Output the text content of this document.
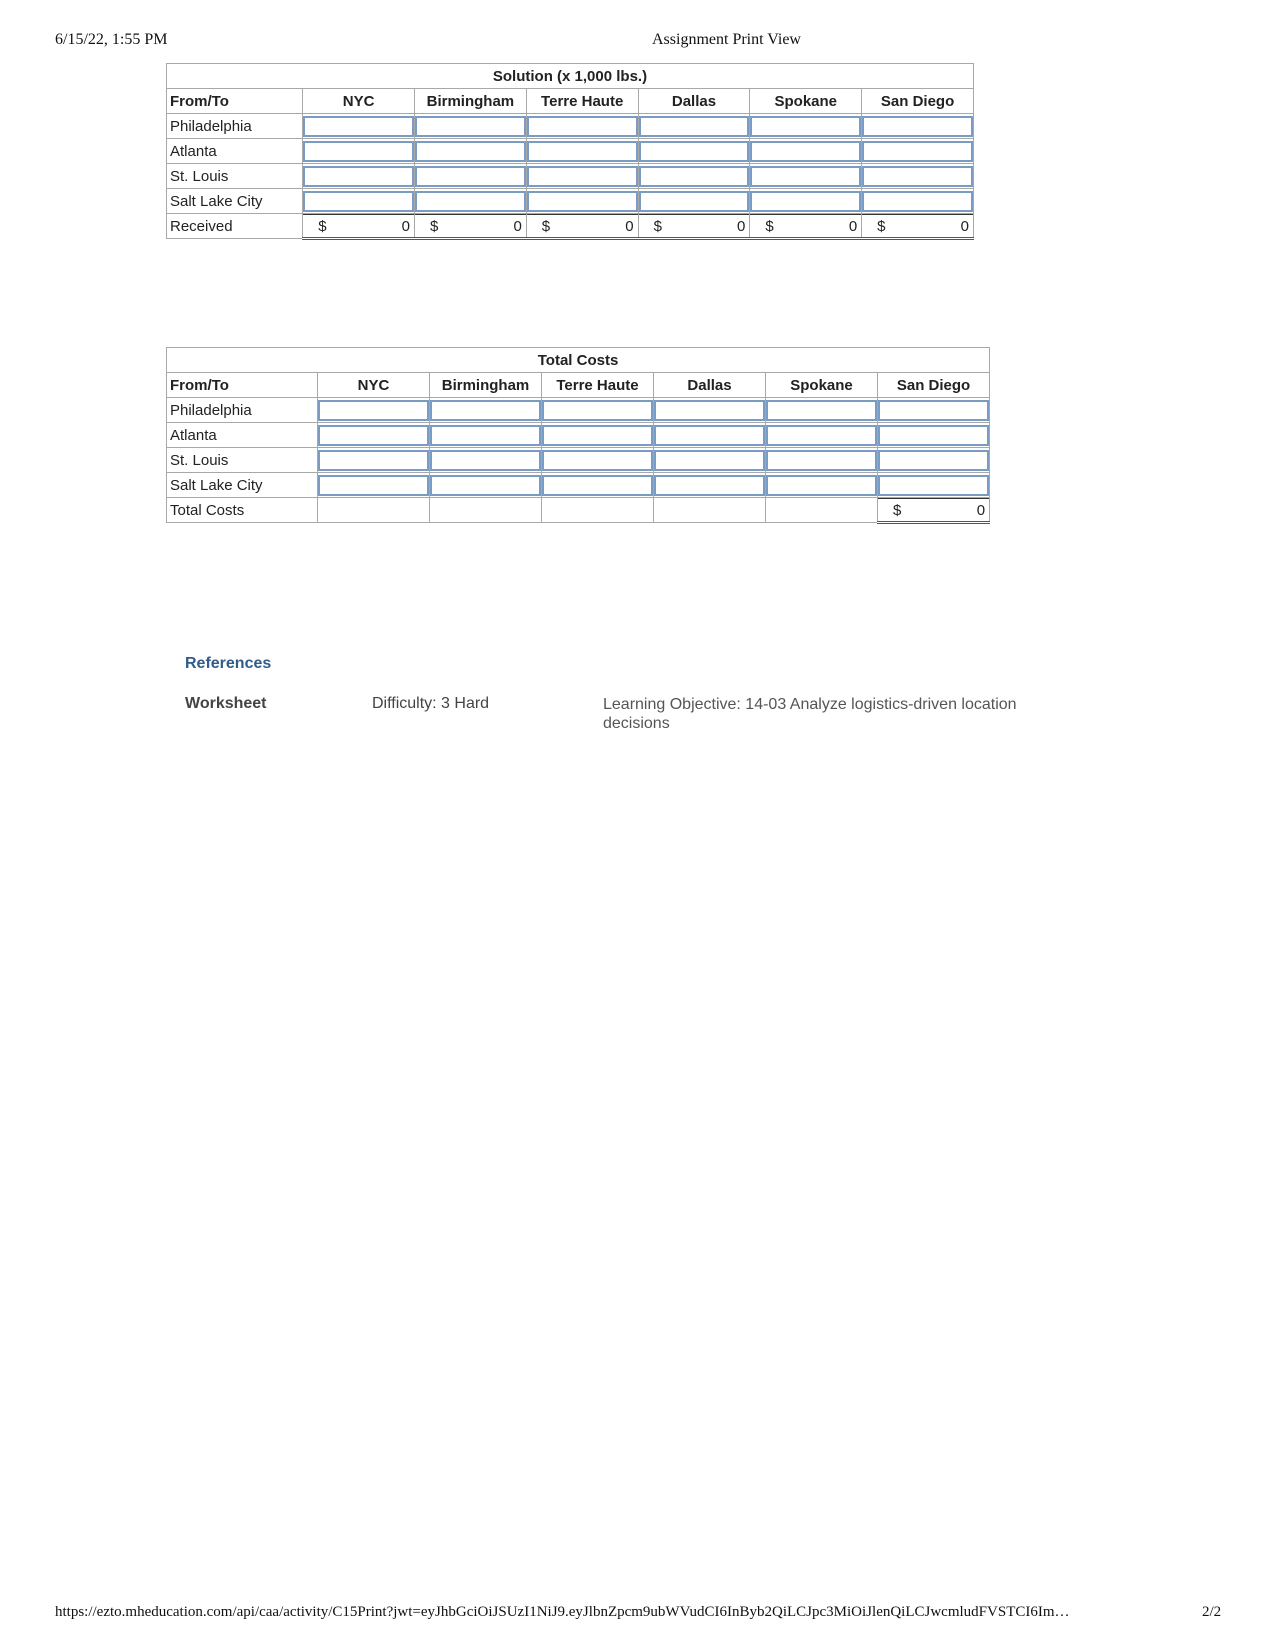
6/15/22, 1:55 PM	Assignment Print View
Solution (x 1,000 lbs.)						
From/To	NYC	Birmingham	Terre Haute	Dallas	Spokane	San Diego
Philadelphia	

Atlanta	

St. Louis	

Salt Lake City	

Received	$ 0	$ 0	$ 0	$ 0	$ 0	$ 0
Total Costs						
From/To	NYC	Birmingham	Terre Haute	Dallas	Spokane	San Diego
Philadelphia	

Atlanta	

St. Louis	

Salt Lake City	

Total Costs						$ 0
References
Worksheet	Difficulty: 3 Hard	Learning Objective: 14-03 Analyze logistics-driven location decisions
https://ezto.mheducation.com/api/caa/activity/C15Print?jwt=eyJhbGciOiJSUzI1NiJ9.eyJlbnZpcm9ubWVudCI6InByb2QiLCJpc3MiOiJlenQiLCJwcmludFVSTCI6Im…	2/2
